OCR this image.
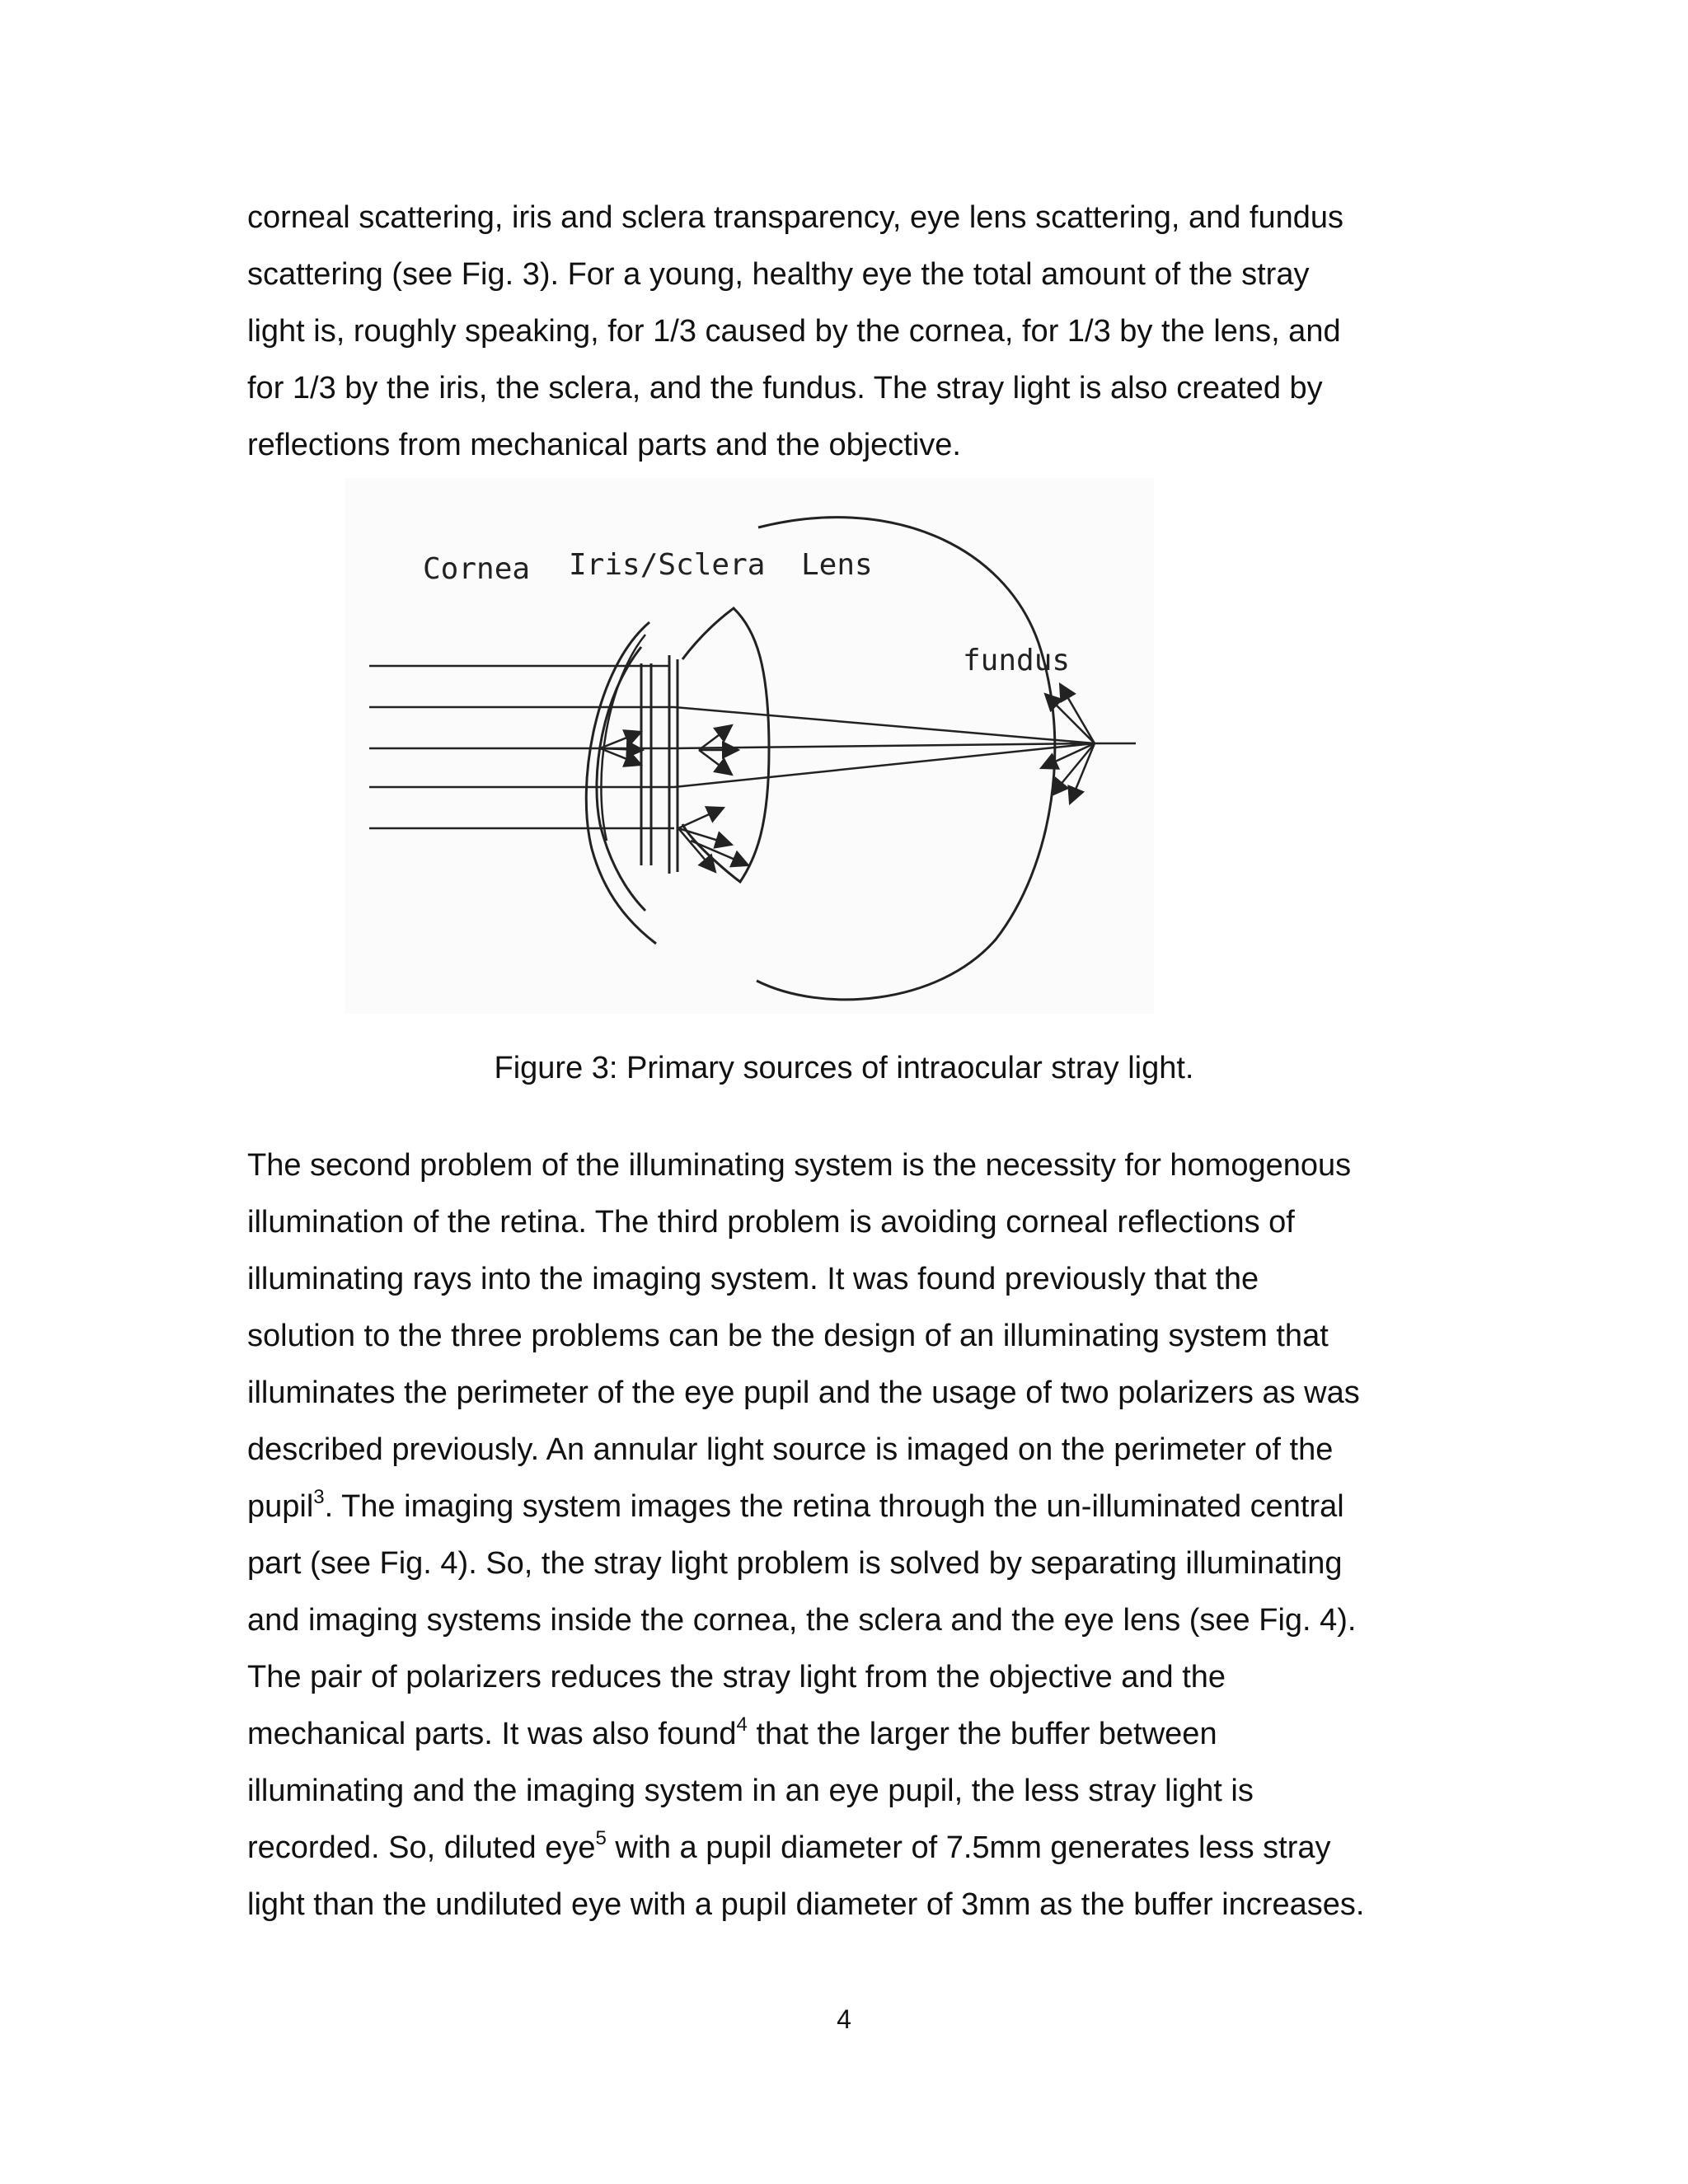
corneal scattering, iris and sclera transparency, eye lens scattering, and fundus
scattering (see Fig. 3). For a young, healthy eye the total amount of the stray
light is, roughly speaking, for 1/3 caused by the cornea, for 1/3 by the lens, and
for 1/3 by the iris, the sclera, and the fundus. The stray light is also created by
reflections from mechanical parts and the objective.

Cornea Iris/Sclera Lens
fundus

Figure 3: Primary sources of intraocular stray light.

The second problem of the illuminating system is the necessity for homogenous
illumination of the retina. The third problem is avoiding corneal reflections of
illuminating rays into the imaging system. It was found previously that the
solution to the three problems can be the design of an illuminating system that
illuminates the perimeter of the eye pupil and the usage of two polarizers as was
described previously. An annular light source is imaged on the perimeter of the
pupil$^3$. The imaging system images the retina through the un-illuminated central
part (see Fig. 4). So, the stray light problem is solved by separating illuminating
and imaging systems inside the cornea, the sclera and the eye lens (see Fig. 4).
The pair of polarizers reduces the stray light from the objective and the
mechanical parts. It was also found$^4$ that the larger the buffer between
illuminating and the imaging system in an eye pupil, the less stray light is
recorded. So, diluted eye$^5$ with a pupil diameter of 7.5mm generates less stray
light than the undiluted eye with a pupil diameter of 3mm as the buffer increases.

4
